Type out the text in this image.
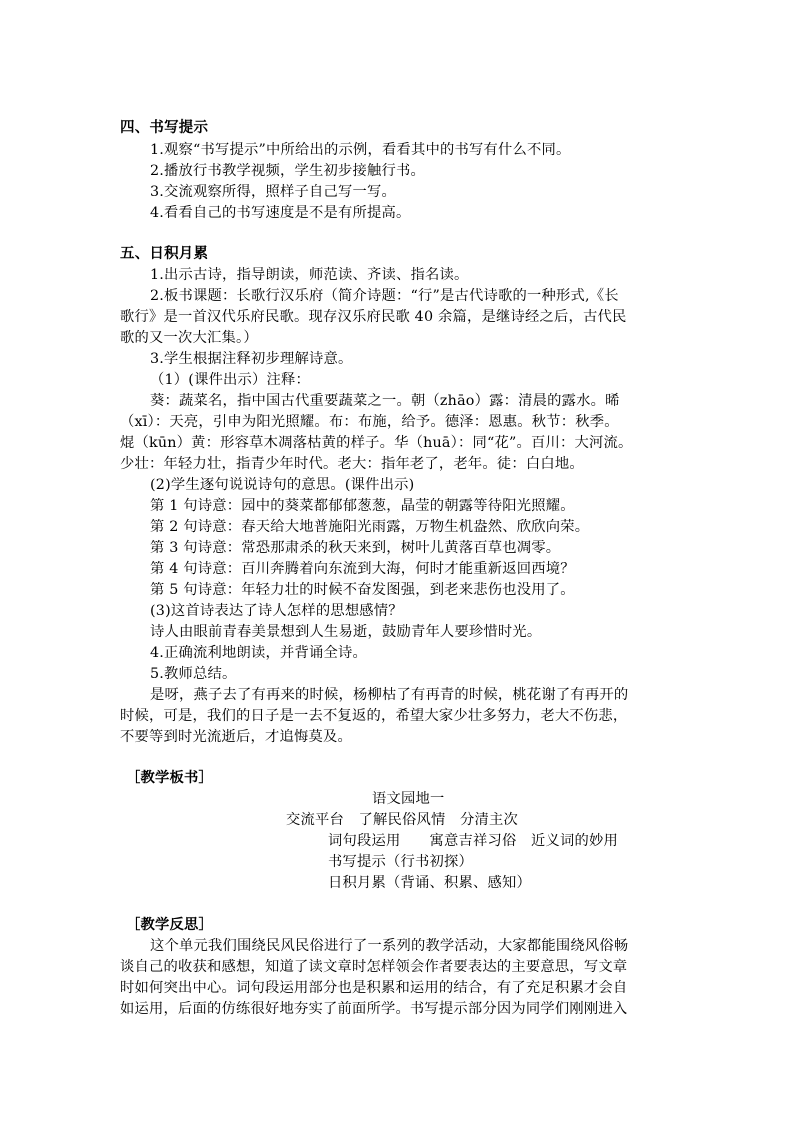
四、书写提示
1.观察“书写提示”中所给出的示例，看看其中的书写有什么不同。
2.播放行书教学视频，学生初步接触行书。
3.交流观察所得，照样子自己写一写。
4.看看自己的书写速度是不是有所提高。
五、日积月累
1.出示古诗，指导朗读，师范读、齐读、指名读。
2.板书课题：长歌行汉乐府（简介诗题：“行”是古代诗歌的一种形式,《长
歌行》是一首汉代乐府民歌。现存汉乐府民歌 40 余篇，是继诗经之后，古代民
歌的又一次大汇集。）
3.学生根据注释初步理解诗意。
（1）(课件出示）注释：
葵：蔬菜名，指中国古代重要蔬菜之一。朝（zhāo）露：清晨的露水。晞
（xī）：天亮，引申为阳光照耀。布：布施，给予。德泽：恩惠。秋节：秋季。
焜（kūn）黄：形容草木凋落枯黄的样子。华（huā）：同“花”。百川：大河流。
少壮：年轻力壮，指青少年时代。老大：指年老了，老年。徒：白白地。
(2)学生逐句说说诗句的意思。(课件出示)
第 1 句诗意：园中的葵菜都郁郁葱葱，晶莹的朝露等待阳光照耀。
第 2 句诗意：春天给大地普施阳光雨露，万物生机盎然、欣欣向荣。
第 3 句诗意：常恐那肃杀的秋天来到，树叶儿黄落百草也凋零。
第 4 句诗意：百川奔腾着向东流到大海，何时才能重新返回西境？
第 5 句诗意：年轻力壮的时候不奋发图强，到老来悲伤也没用了。
(3)这首诗表达了诗人怎样的思想感情？
诗人由眼前青春美景想到人生易逝，鼓励青年人要珍惜时光。
4.正确流利地朗读，并背诵全诗。
5.教师总结。
是呀，燕子去了有再来的时候，杨柳枯了有再青的时候，桃花谢了有再开的
时候，可是，我们的日子是一去不复返的，希望大家少壮多努力，老大不伤悲，
不要等到时光流逝后，才追悔莫及。
［教学板书］
语文园地一
交流平台　了解民俗风情　分清主次
词句段运用　　寓意吉祥习俗　近义词的妙用
书写提示（行书初探）
日积月累（背诵、积累、感知）
［教学反思］
这个单元我们围绕民风民俗进行了一系列的教学活动，大家都能围绕风俗畅
谈自己的收获和感想，知道了读文章时怎样领会作者要表达的主要意思，写文章
时如何突出中心。词句段运用部分也是积累和运用的结合，有了充足积累才会自
如运用，后面的仿练很好地夯实了前面所学。书写提示部分因为同学们刚刚进入
